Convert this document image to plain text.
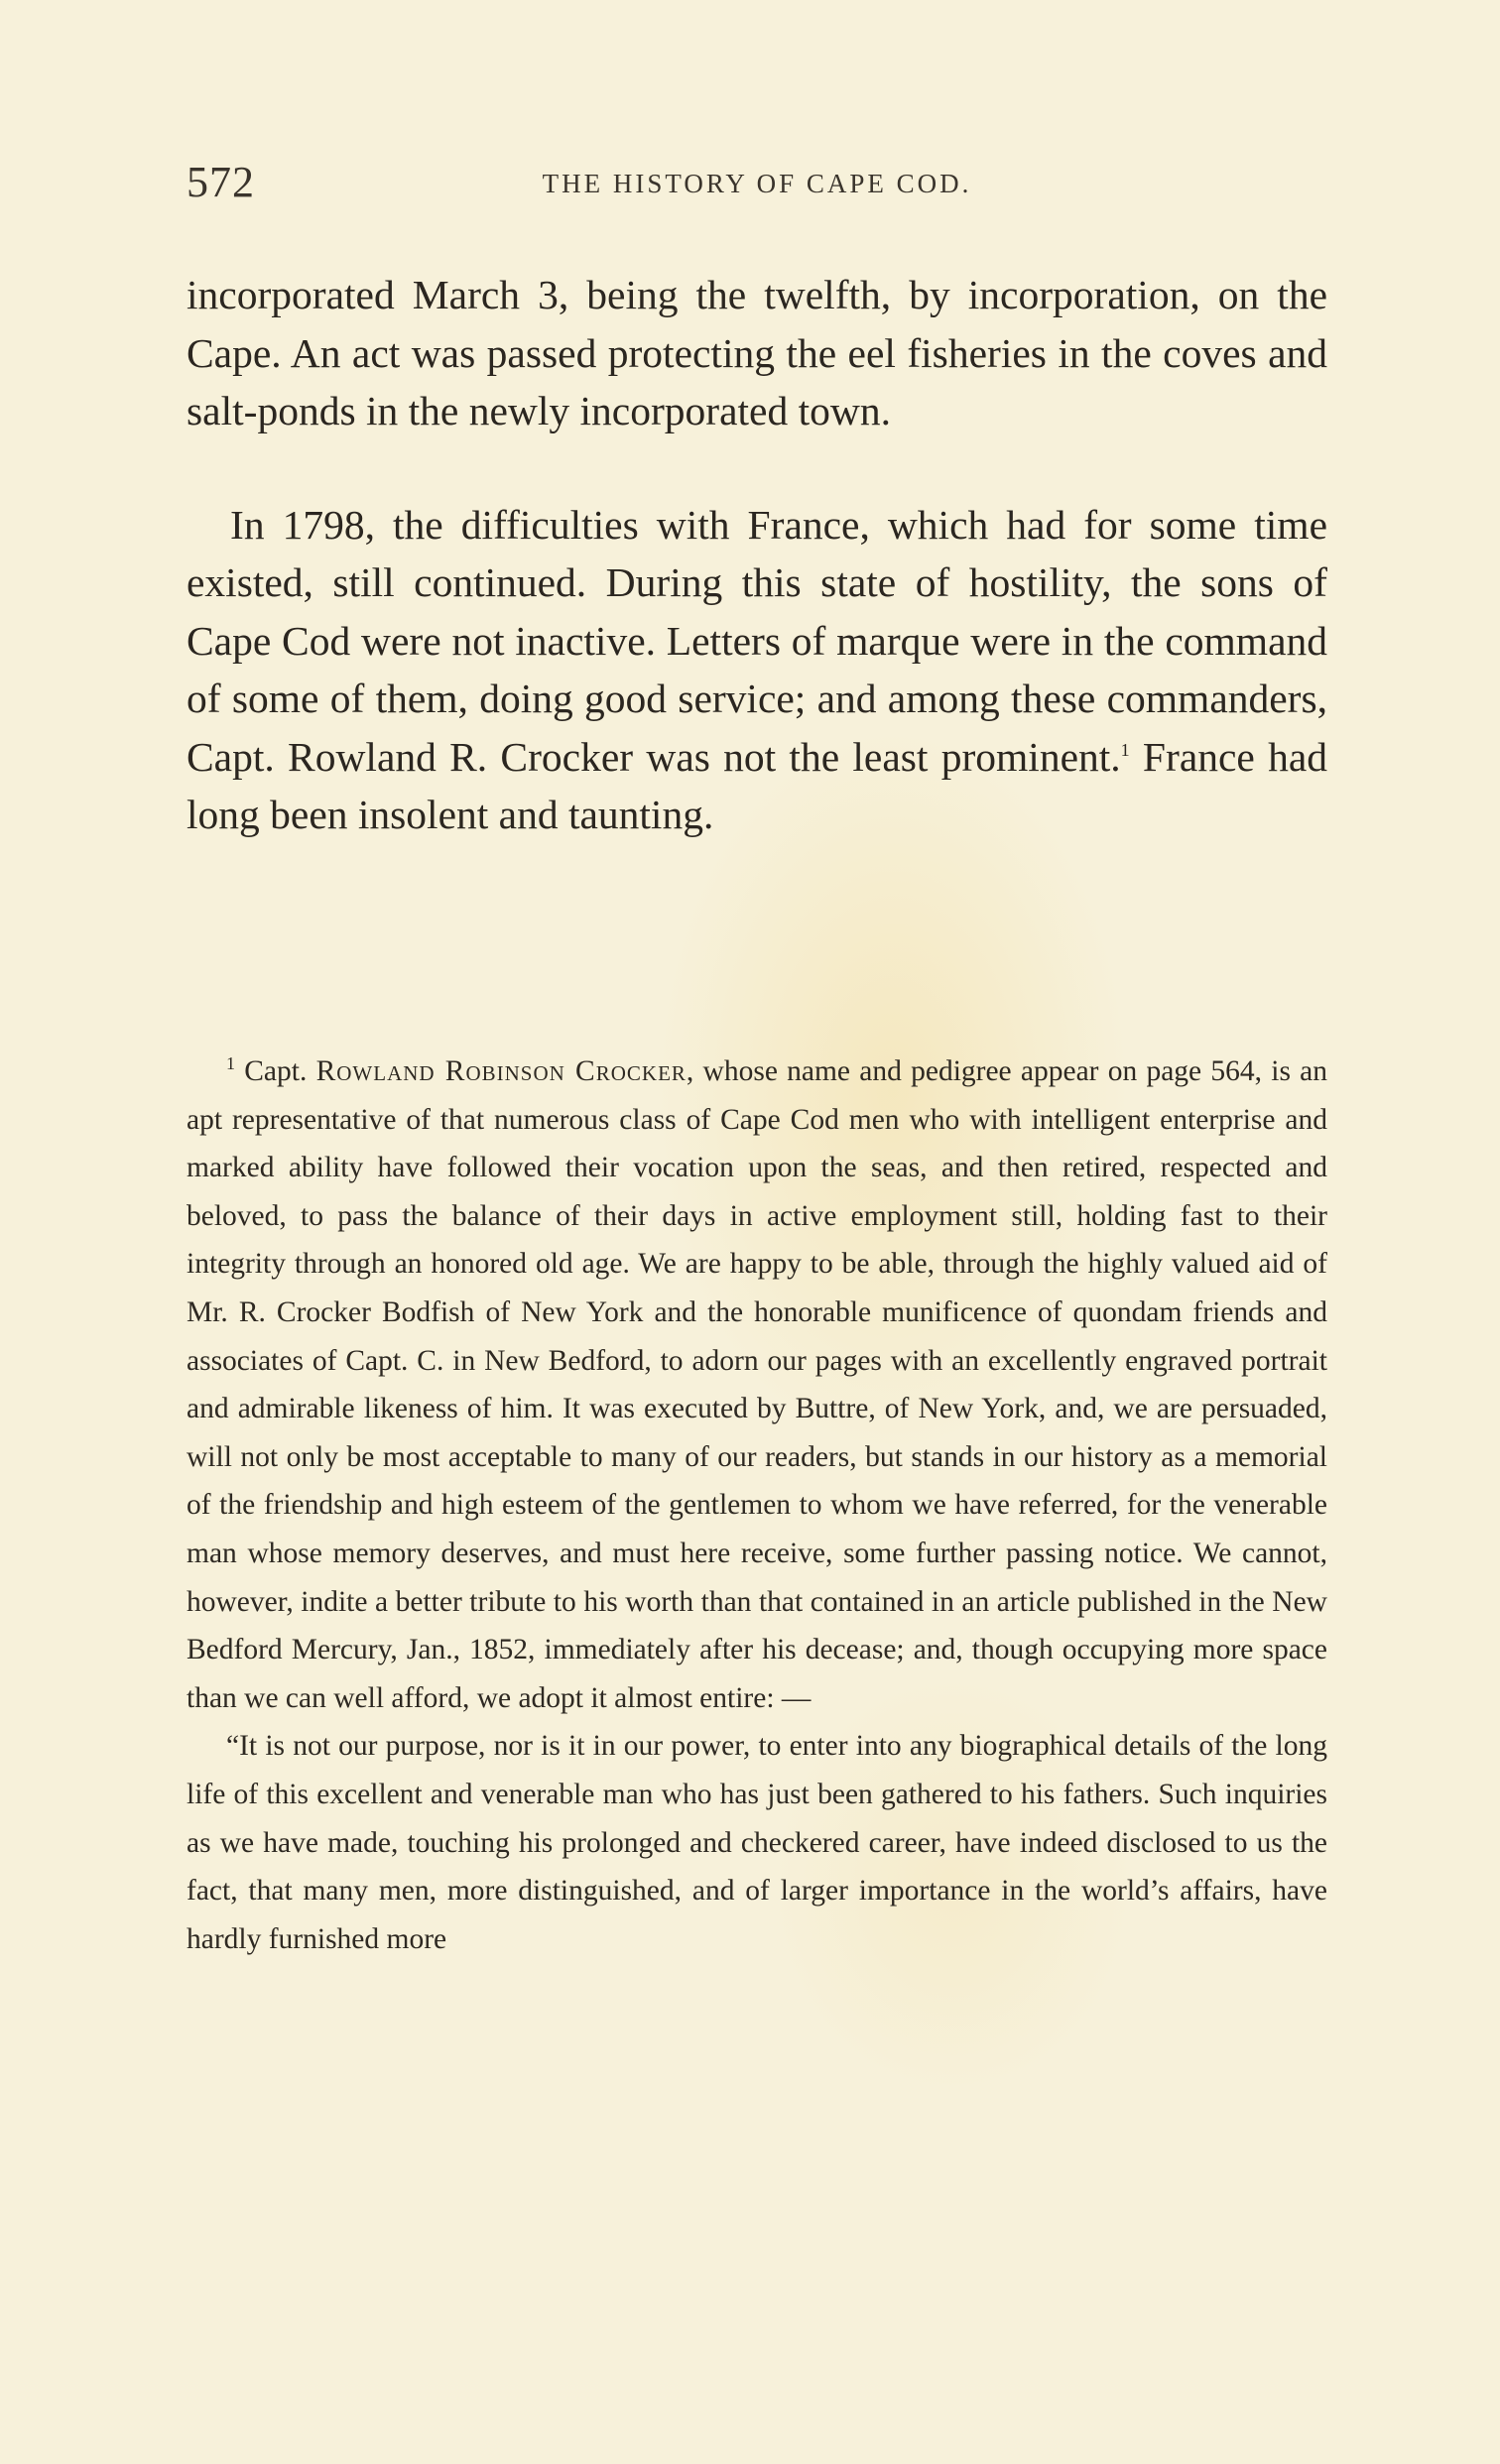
572	THE HISTORY OF CAPE COD.

incorporated March 3, being the twelfth, by incorporation, on the Cape. An act was passed protecting the eel fisheries in the coves and salt-ponds in the newly incorporated town.

In 1798, the difficulties with France, which had for some time existed, still continued. During this state of hostility, the sons of Cape Cod were not inactive. Letters of marque were in the command of some of them, doing good service; and among these commanders, Capt. Rowland R. Crocker was not the least prominent.$^1$ France had long been insolent and taunting.

$^1$ Capt. Rowland Robinson Crocker, whose name and pedigree appear on page 564, is an apt representative of that numerous class of Cape Cod men who with intelligent enterprise and marked ability have followed their vocation upon the seas, and then retired, respected and beloved, to pass the balance of their days in active employment still, holding fast to their integrity through an honored old age. We are happy to be able, through the highly valued aid of Mr. R. Crocker Bodfish of New York and the honorable munificence of quondam friends and associates of Capt. C. in New Bedford, to adorn our pages with an excellently engraved portrait and admirable likeness of him. It was executed by Buttre, of New York, and, we are persuaded, will not only be most acceptable to many of our readers, but stands in our history as a memorial of the friendship and high esteem of the gentlemen to whom we have referred, for the venerable man whose memory deserves, and must here receive, some further passing notice. We cannot, however, indite a better tribute to his worth than that contained in an article published in the New Bedford Mercury, Jan., 1852, immediately after his decease; and, though occupying more space than we can well afford, we adopt it almost entire: —

“It is not our purpose, nor is it in our power, to enter into any biographical details of the long life of this excellent and venerable man who has just been gathered to his fathers. Such inquiries as we have made, touching his prolonged and checkered career, have indeed disclosed to us the fact, that many men, more distinguished, and of larger importance in the world’s affairs, have hardly furnished more
